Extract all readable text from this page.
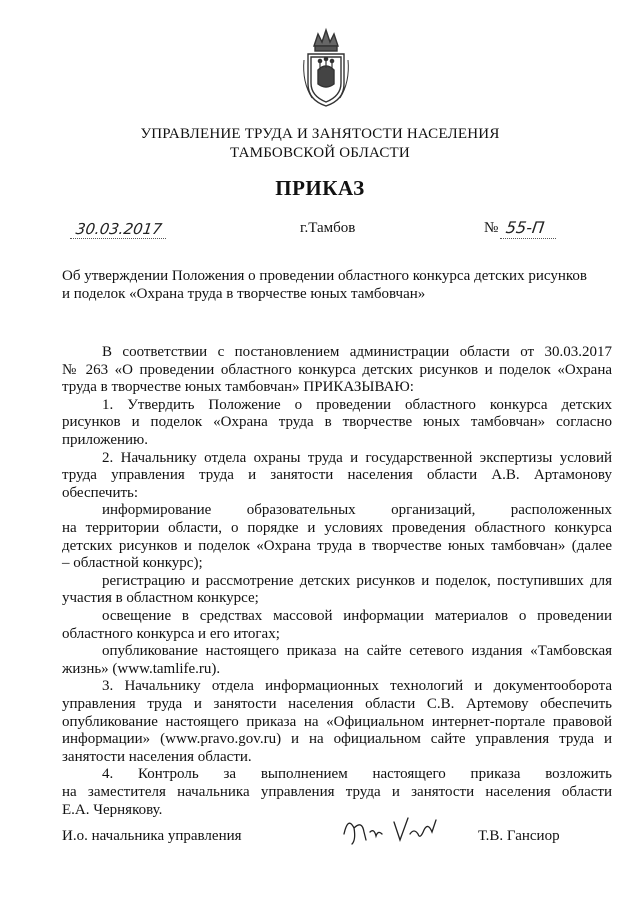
УПРАВЛЕНИЕ ТРУДА И ЗАНЯТОСТИ НАСЕЛЕНИЯ
ТАМБОВСКОЙ ОБЛАСТИ
ПРИКАЗ
30.03.2017	г.Тамбов	№ 55-П
Об утверждении Положения о проведении областного конкурса детских рисунков
и поделок «Охрана труда в творчестве юных тамбовчан»
В соответствии с постановлением администрации области от 30.03.2017
№ 263 «О проведении областного конкурса детских рисунков и поделок «Охрана
труда в творчестве юных тамбовчан» ПРИКАЗЫВАЮ:
1. Утвердить Положение о проведении областного конкурса детских
рисунков и поделок «Охрана труда в творчестве юных тамбовчан» согласно
приложению.
2. Начальнику отдела охраны труда и государственной экспертизы условий
труда управления труда и занятости населения области А.В. Артамонову
обеспечить:
информирование образовательных организаций, расположенных
на территории области, о порядке и условиях проведения областного конкурса
детских рисунков и поделок «Охрана труда в творчестве юных тамбовчан» (далее
– областной конкурс);
регистрацию и рассмотрение детских рисунков и поделок, поступивших для
участия в областном конкурсе;
освещение в средствах массовой информации материалов о проведении
областного конкурса и его итогах;
опубликование настоящего приказа на сайте сетевого издания «Тамбовская
жизнь» (www.tamlife.ru).
3. Начальнику отдела информационных технологий и документооборота
управления труда и занятости населения области С.В. Артемову обеспечить
опубликование настоящего приказа на «Официальном интернет-портале правовой
информации» (www.pravo.gov.ru) и на официальном сайте управления труда и
занятости населения области.
4. Контроль за выполнением настоящего приказа возложить
на заместителя начальника управления труда и занятости населения области
Е.А. Чернякову.
И.о. начальника управления	Т.В. Гансиор
